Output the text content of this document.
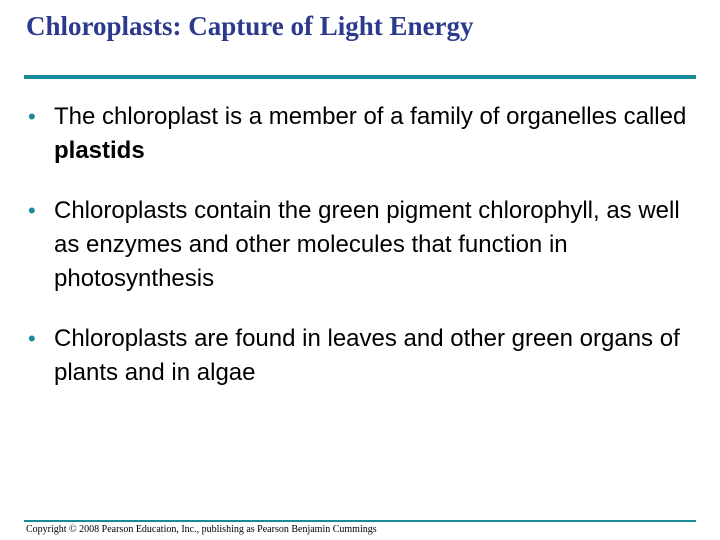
Chloroplasts: Capture of Light Energy
• The chloroplast is a member of a family of organelles called plastids
• Chloroplasts contain the green pigment chlorophyll, as well as enzymes and other molecules that function in photosynthesis
• Chloroplasts are found in leaves and other green organs of plants and in algae
Copyright © 2008 Pearson Education, Inc., publishing as Pearson Benjamin Cummings
